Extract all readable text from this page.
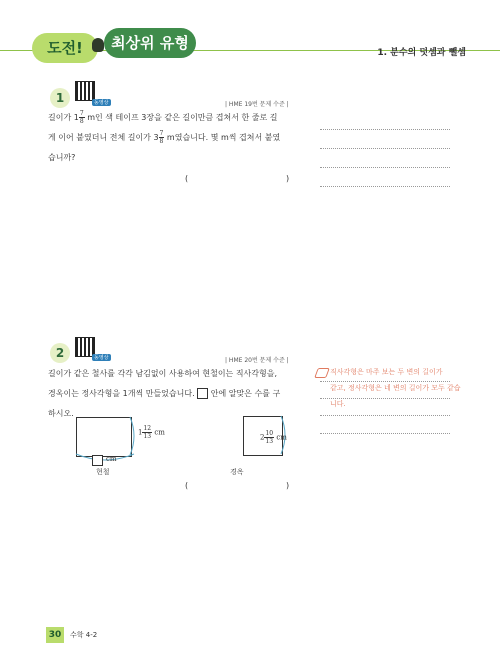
도전!	최상위 유형
1. 분수의 덧셈과 뺄셈
1	동영상	| HME 19번 문제 수준 |
길이가 $1 \frac{7}{8}$ m인 색 테이프 3장을 같은 길이만큼 겹쳐서 한 줄로 길
게 이어 붙였더니 전체 길이가 $3 \frac{7}{8}$ m였습니다. 몇 m씩 겹쳐서 붙였
습니까?
(	)
2	동영상	| HME 20번 문제 수준 |
길이가 같은 철사를 각각 남김없이 사용하여 현철이는 직사각형을,
경옥이는 정사각형을 1개씩 만들었습니다.  안에 알맞은 수를 구
하시오.
$1 \frac{12}{13}$ cm
cm
현철
$2 \frac{10}{13}$ cm
경옥
(	)
직사각형은 마주 보는 두 변의 길이가
같고, 정사각형은 네 변의 길이가 모두 같습
니다.
30	수학 4-2
